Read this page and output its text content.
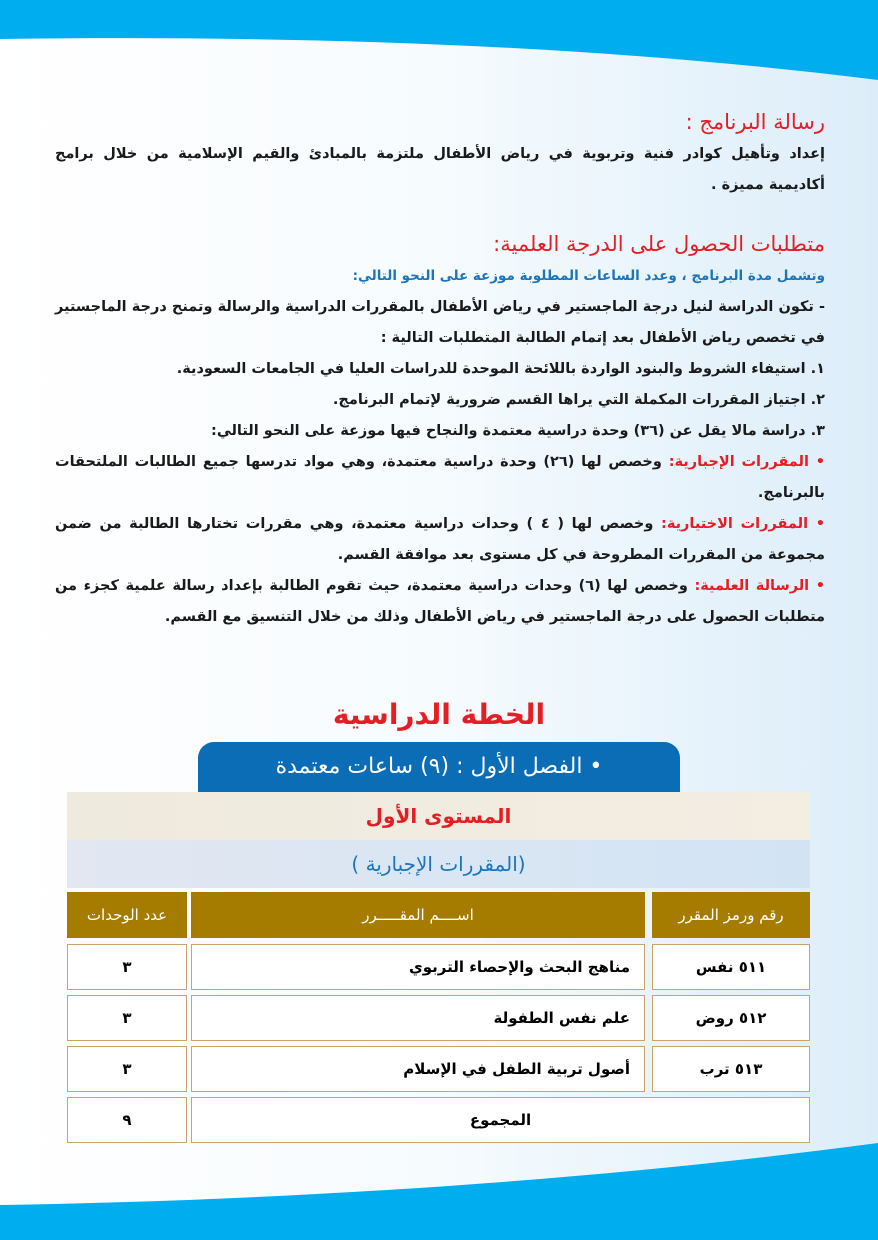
رسالة البرنامج :

إعداد وتأهيل كوادر فنية وتربوية في رياض الأطفال ملتزمة بالمبادئ والقيم الإسلامية من خلال برامج أكاديمية مميزة .

متطلبات الحصول على الدرجة العلمية:

وتشمل مدة البرنامج ، وعدد الساعات المطلوبة موزعة على النحو التالي:

- تكون الدراسة لنيل درجة الماجستير في رياض الأطفال بالمقررات الدراسية والرسالة وتمنح درجة الماجستير في تخصص رياض الأطفال بعد إتمام الطالبة المتطلبات التالية :

١. استيفاء الشروط والبنود الواردة باللائحة الموحدة للدراسات العليا في الجامعات السعودية.

٢. اجتياز المقررات المكملة التي يراها القسم ضرورية لإتمام البرنامج.

٣. دراسة مالا يقل عن (٣٦) وحدة دراسية معتمدة والنجاح فيها موزعة على النحو التالي:

• المقررات الإجبارية: وخصص لها (٢٦) وحدة دراسية معتمدة، وهي مواد تدرسها جميع الطالبات الملتحقات بالبرنامج.

• المقررات الاختيارية: وخصص لها ( ٤ ) وحدات دراسية معتمدة، وهي مقررات تختارها الطالبة من ضمن مجموعة من المقررات المطروحة في كل مستوى بعد موافقة القسم.

• الرسالة العلمية: وخصص لها (٦) وحدات دراسية معتمدة، حيث تقوم الطالبة بإعداد رسالة علمية كجزء من متطلبات الحصول على درجة الماجستير في رياض الأطفال وذلك من خلال التنسيق مع القسم.

الخطة الدراسية
• الفصل الأول : (٩) ساعات معتمدة
المستوى الأول
(المقررات الإجبارية )
رقم ورمز المقرر
اســــم المقـــــرر
عدد الوحدات
٥١١ نفس
مناهج البحث والإحصاء التربوي
٣
٥١٢ روض
علم نفس الطفولة
٣
٥١٣ ترب
أصول تربية الطفل في الإسلام
٣
المجموع
٩
